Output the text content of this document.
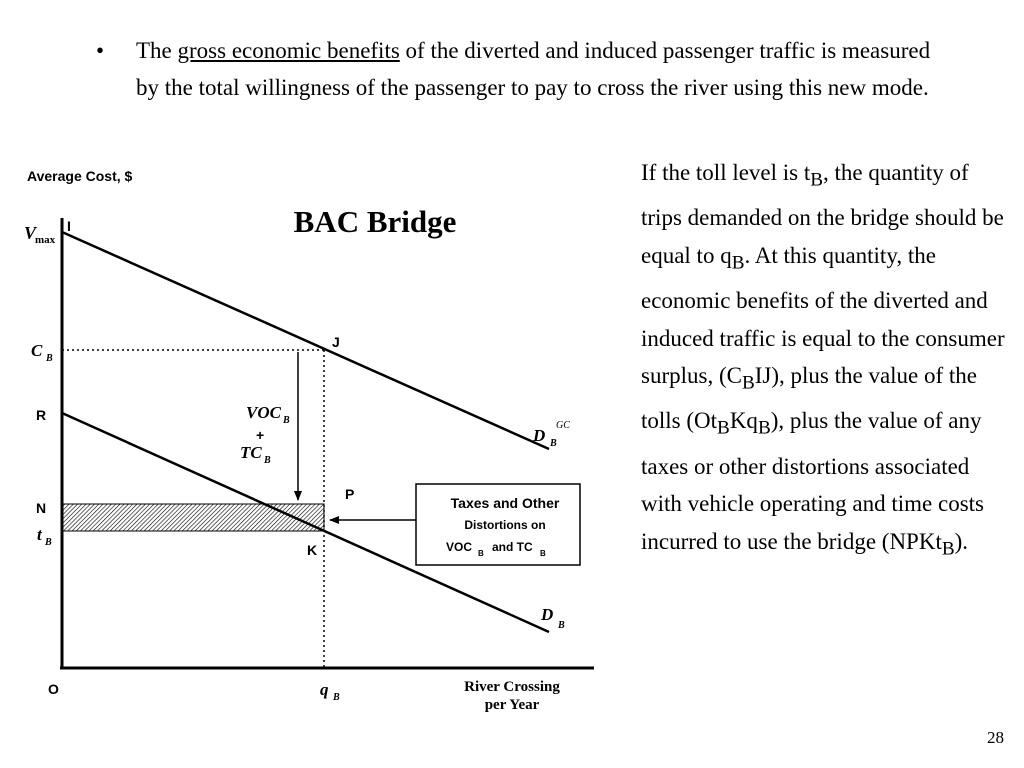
• The gross economic benefits of the diverted and induced passenger traffic is measured by the total willingness of the passenger to pay to cross the river using this new mode.
Taxes and Other
Distortions on
VOC B and TC B
BAC Bridge
Average Cost, $
V
max
I
C B
J
R	VOC B
+
TC B
D B
GC
P
N
t B	K
D
B
O	q B
River Crossing
per Year
If the toll level is $t_B$, the quantity of trips demanded on the bridge should be equal to $q_B$. At this quantity, the economic benefits of the diverted and induced traffic is equal to the consumer surplus, $(C_BIJ)$, plus the value of the tolls $(Ot_BKq_B)$, plus the value of any taxes or other distortions associated with vehicle operating and time costs incurred to use the bridge (NPKt$_B$).
28
